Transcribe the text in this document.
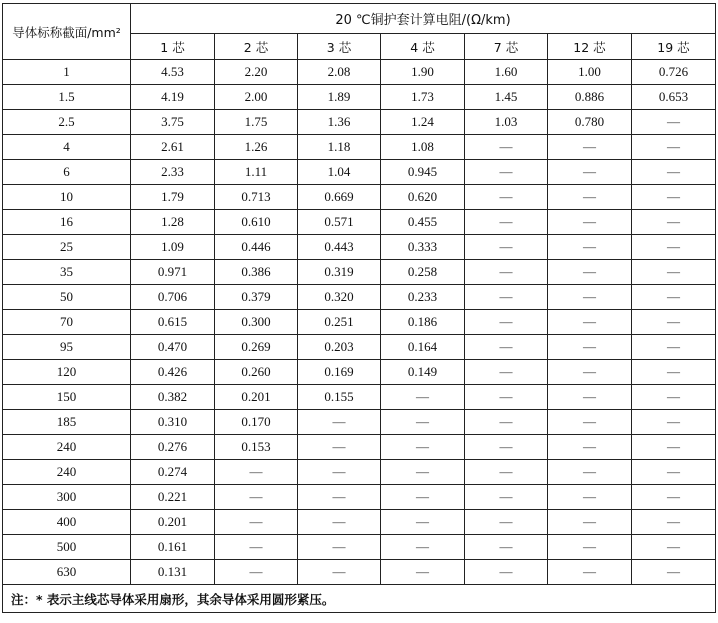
导体标称截面/mm²	20 ℃铜护套计算电阻/(Ω/km)						
	1 芯	2 芯	3 芯	4 芯	7 芯	12 芯	19 芯
1	4.53	2.20	2.08	1.90	1.60	1.00	0.726
1.5	4.19	2.00	1.89	1.73	1.45	0.886	0.653
2.5	3.75	1.75	1.36	1.24	1.03	0.780	—
4	2.61	1.26	1.18	1.08	—	—	—
6	2.33	1.11	1.04	0.945	—	—	—
10	1.79	0.713	0.669	0.620	—	—	—
16	1.28	0.610	0.571	0.455	—	—	—
25	1.09	0.446	0.443	0.333	—	—	—
35	0.971	0.386	0.319	0.258	—	—	—
50	0.706	0.379	0.320	0.233	—	—	—
70	0.615	0.300	0.251	0.186	—	—	—
95	0.470	0.269	0.203	0.164	—	—	—
120	0.426	0.260	0.169	0.149	—	—	—
150	0.382	0.201	0.155	—	—	—	—
185	0.310	0.170	—	—	—	—	—
240	0.276	0.153	—	—	—	—	—
240	0.274	—	—	—	—	—	—
300	0.221	—	—	—	—	—	—
400	0.201	—	—	—	—	—	—
500	0.161	—	—	—	—	—	—
630	0.131	—	—	—	—	—	—
注：* 表示主线芯导体采用扇形，其余导体采用圆形紧压。							
